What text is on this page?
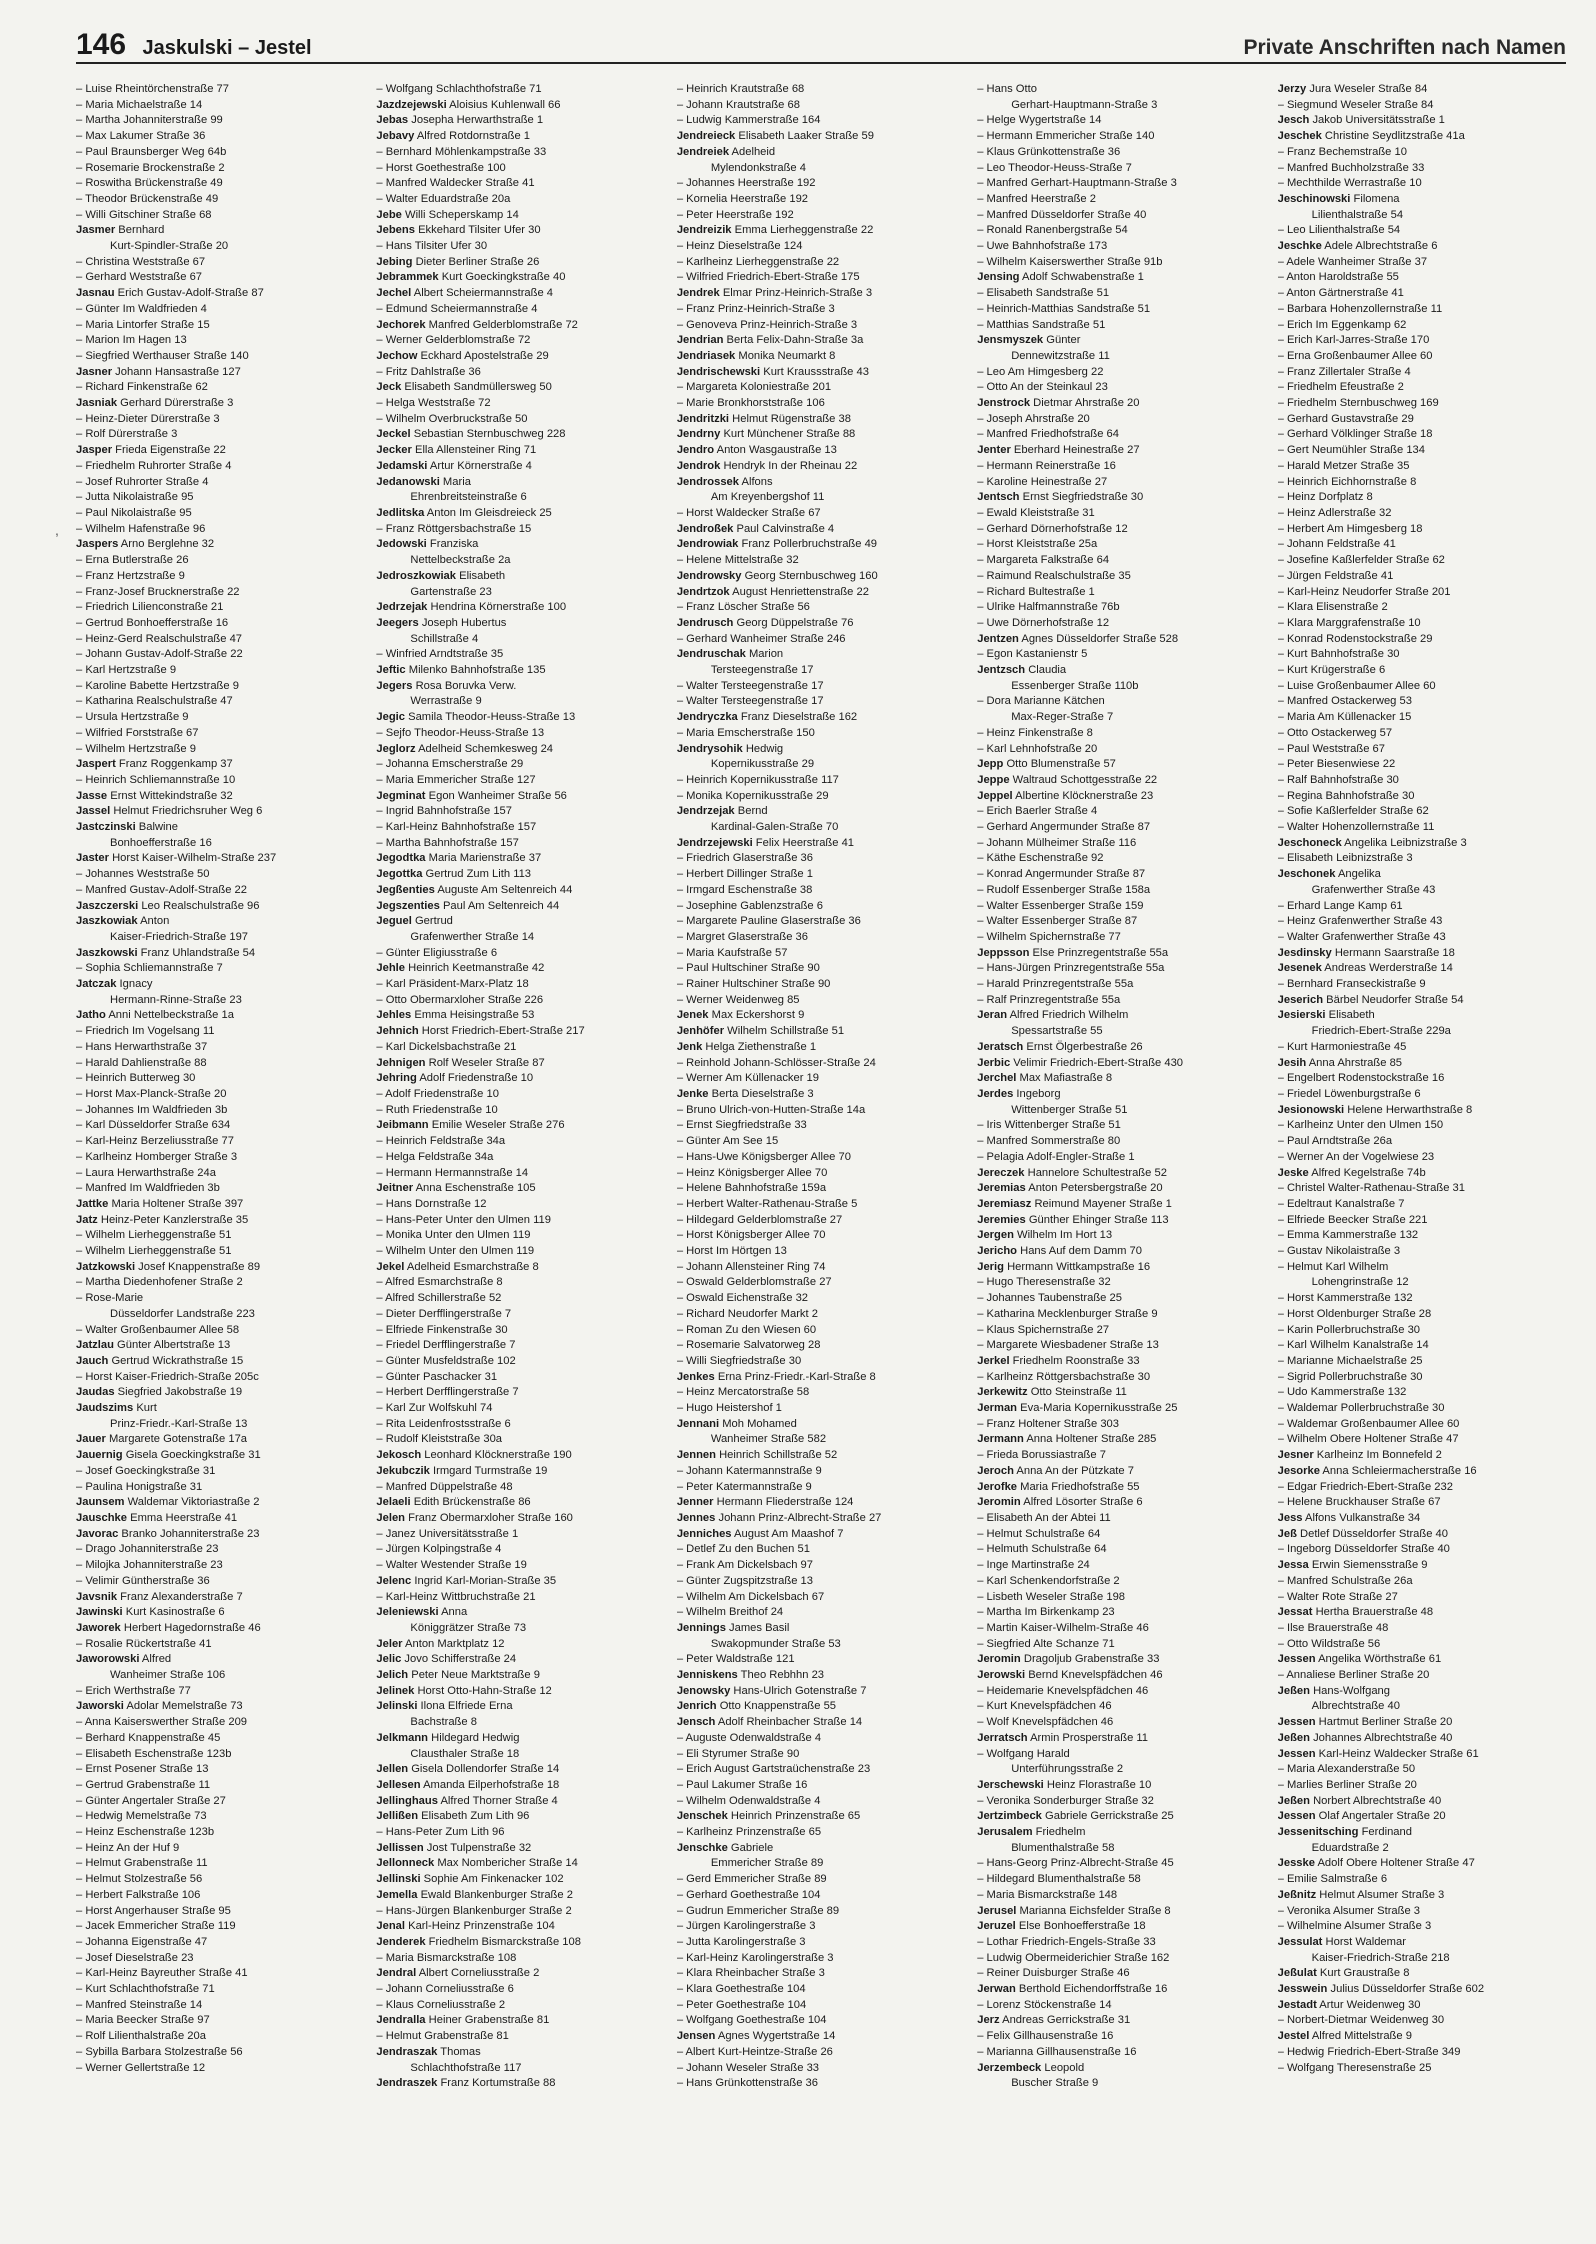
146 Jaskulski – Jestel	Private Anschriften nach Namen
– Luise Rheintörchenstraße 77
– Maria Michaelstraße 14
– Martha Johanniterstraße 99
– Max Lakumer Straße 36
– Paul Braunsberger Weg 64b
– Rosemarie Brockenstraße 2
– Roswitha Brückenstraße 49
– Theodor Brückenstraße 49
– Willi Gitschiner Straße 68
Jasmer Bernhard
Kurt-Spindler-Straße 20
– Christina Weststraße 67
– Gerhard Weststraße 67
Jasnau Erich Gustav-Adolf-Straße 87
– Günter Im Waldfrieden 4
– Maria Lintorfer Straße 15
– Marion Im Hagen 13
– Siegfried Werthauser Straße 140
Jasner Johann Hansastraße 127
– Richard Finkenstraße 62
Jasniak Gerhard Dürerstraße 3
– Heinz-Dieter Dürerstraße 3
– Rolf Dürerstraße 3
Jasper Frieda Eigenstraße 22
– Friedhelm Ruhrorter Straße 4
– Josef Ruhrorter Straße 4
– Jutta Nikolaistraße 95
– Paul Nikolaistraße 95
– Wilhelm Hafenstraße 96
Jaspers Arno Berglehne 32
– Erna Butlerstraße 26
– Franz Hertzstraße 9
– Franz-Josef Brucknerstraße 22
– Friedrich Lilienconstraße 21
– Gertrud Bonhoefferstraße 16
– Heinz-Gerd Realschulstraße 47
– Johann Gustav-Adolf-Straße 22
– Karl Hertzstraße 9
– Karoline Babette Hertzstraße 9
– Katharina Realschulstraße 47
– Ursula Hertzstraße 9
– Wilfried Forststraße 67
– Wilhelm Hertzstraße 9
Jaspert Franz Roggenkamp 37
– Heinrich Schliemannstraße 10
Jasse Ernst Wittekindstraße 32
Jassel Helmut Friedrichsruher Weg 6
Jastczinski Balwine
Bonhoefferstraße 16
Jaster Horst Kaiser-Wilhelm-Straße 237
– Johannes Weststraße 50
– Manfred Gustav-Adolf-Straße 22
Jaszczerski Leo Realschulstraße 96
Jaszkowiak Anton
Kaiser-Friedrich-Straße 197
Jaszkowski Franz Uhlandstraße 54
– Sophia Schliemannstraße 7
Jatczak Ignacy
Hermann-Rinne-Straße 23
Jatho Anni Nettelbeckstraße 1a
– Friedrich Im Vogelsang 11
– Hans Herwarthstraße 37
– Harald Dahlienstraße 88
– Heinrich Butterweg 30
– Horst Max-Planck-Straße 20
– Johannes Im Waldfrieden 3b
– Karl Düsseldorfer Straße 634
– Karl-Heinz Berzeliusstraße 77
– Karlheinz Homberger Straße 3
– Laura Herwarthstraße 24a
– Manfred Im Waldfrieden 3b
Jattke Maria Holtener Straße 397
Jatz Heinz-Peter Kanzlerstraße 35
– Wilhelm Lierheggenstraße 51
– Wilhelm Lierheggenstraße 51
Jatzkowski Josef Knappenstraße 89
– Martha Diedenhofener Straße 2
– Rose-Marie
Düsseldorfer Landstraße 223
– Walter Großenbaumer Allee 58
Jatzlau Günter Albertstraße 13
Jauch Gertrud Wickrathstraße 15
– Horst Kaiser-Friedrich-Straße 205c
Jaudas Siegfried Jakobstraße 19
Jaudszims Kurt
Prinz-Friedr.-Karl-Straße 13
Jauer Margarete Gotenstraße 17a
Jauernig Gisela Goeckingkstraße 31
– Josef Goeckingkstraße 31
– Paulina Honigstraße 31
Jaunsem Waldemar Viktoriastraße 2
Jauschke Emma Heerstraße 41
Javorac Branko Johanniterstraße 23
– Drago Johanniterstraße 23
– Milojka Johanniterstraße 23
– Velimir Güntherstraße 36
Javsnik Franz Alexanderstraße 7
Jawinski Kurt Kasinostraße 6
Jaworek Herbert Hagedornstraße 46
– Rosalie Rückertstraße 41
Jaworowski Alfred
Wanheimer Straße 106
– Erich Werthstraße 77
Jaworski Adolar Memelstraße 73
– Anna Kaiserswerther Straße 209
– Berhard Knappenstraße 45
– Elisabeth Eschenstraße 123b
– Ernst Posener Straße 13
– Gertrud Grabenstraße 11
– Günter Angertaler Straße 27
– Hedwig Memelstraße 73
– Heinz Eschenstraße 123b
– Heinz An der Huf 9
– Helmut Grabenstraße 11
– Helmut Stolzestraße 56
– Herbert Falkstraße 106
– Horst Angerhauser Straße 95
– Jacek Emmericher Straße 119
– Johanna Eigenstraße 47
– Josef Dieselstraße 23
– Karl-Heinz Bayreuther Straße 41
– Kurt Schlachthofstraße 71
– Manfred Steinstraße 14
– Maria Beecker Straße 97
– Rolf Lilienthalstraße 20a
– Sybilla Barbara Stolzestraße 56
– Werner Gellertstraße 12
– Wolfgang Schlachthofstraße 71
Jazdzejewski Aloisius Kuhlenwall 66
Jebas Josepha Herwarthstraße 1
Jebavy Alfred Rotdornstraße 1
– Bernhard Möhlenkampstraße 33
– Horst Goethestraße 100
– Manfred Waldecker Straße 41
– Walter Eduardstraße 20a
Jebe Willi Scheperskamp 14
Jebens Ekkehard Tilsiter Ufer 30
– Hans Tilsiter Ufer 30
Jebing Dieter Berliner Straße 26
Jebrammek Kurt Goeckingkstraße 40
Jechel Albert Scheiermannstraße 4
– Edmund Scheiermannstraße 4
Jechorek Manfred Gelderblomstraße 72
– Werner Gelderblomstraße 72
Jechow Eckhard Apostelstraße 29
– Fritz Dahlstraße 36
Jeck Elisabeth Sandmüllersweg 50
– Helga Weststraße 72
– Wilhelm Overbruckstraße 50
Jeckel Sebastian Sternbuschweg 228
Jecker Ella Allensteiner Ring 71
Jedamski Artur Körnerstraße 4
Jedanowski Maria
Ehrenbreitsteinstraße 6
Jedlitska Anton Im Gleisdreieck 25
– Franz Röttgersbachstraße 15
Jedowski Franziska
Nettelbeckstraße 2a
Jedroszkowiak Elisabeth
Gartenstraße 23
Jedrzejak Hendrina Körnerstraße 100
Jeegers Joseph Hubertus
Schillstraße 4
– Winfried Arndtstraße 35
Jeftic Milenko Bahnhofstraße 135
Jegers Rosa Boruvka Verw.
Werrastraße 9
Jegic Samila Theodor-Heuss-Straße 13
– Sejfo Theodor-Heuss-Straße 13
Jeglorz Adelheid Schemkesweg 24
– Johanna Emscherstraße 29
– Maria Emmericher Straße 127
Jegminat Egon Wanheimer Straße 56
– Ingrid Bahnhofstraße 157
– Karl-Heinz Bahnhofstraße 157
– Martha Bahnhofstraße 157
Jegodtka Maria Marienstraße 37
Jegottka Gertrud Zum Lith 113
Jegßenties Auguste Am Seltenreich 44
Jegszenties Paul Am Seltenreich 44
Jeguel Gertrud
Grafenwerther Straße 14
– Günter Eligiusstraße 6
Jehle Heinrich Keetmanstraße 42
– Karl Präsident-Marx-Platz 18
– Otto Obermarxloher Straße 226
Jehles Emma Heisingstraße 53
Jehnich Horst Friedrich-Ebert-Straße 217
– Karl Dickelsbachstraße 21
Jehnigen Rolf Weseler Straße 87
Jehring Adolf Friedenstraße 10
– Adolf Friedenstraße 10
– Ruth Friedenstraße 10
Jeibmann Emilie Weseler Straße 276
– Heinrich Feldstraße 34a
– Helga Feldstraße 34a
– Hermann Hermannstraße 14
Jeitner Anna Eschenstraße 105
– Hans Dornstraße 12
– Hans-Peter Unter den Ulmen 119
– Monika Unter den Ulmen 119
– Wilhelm Unter den Ulmen 119
Jekel Adelheid Esmarchstraße 8
– Alfred Esmarchstraße 8
– Alfred Schillerstraße 52
– Dieter Derfflingerstraße 7
– Elfriede Finkenstraße 30
– Friedel Derfflingerstraße 7
– Günter Musfeldstraße 102
– Günter Paschacker 31
– Herbert Derfflingerstraße 7
– Karl Zur Wolfskuhl 74
– Rita Leidenfrostsstraße 6
– Rudolf Kleiststraße 30a
Jekosch Leonhard Klöcknerstraße 190
Jekubczik Irmgard Turmstraße 19
– Manfred Düppelstraße 48
Jelaeli Edith Brückenstraße 86
Jelen Franz Obermarxloher Straße 160
– Janez Universitätsstraße 1
– Jürgen Kolpingstraße 4
– Walter Westender Straße 19
Jelenc Ingrid Karl-Morian-Straße 35
– Karl-Heinz Wittbruchstraße 21
Jeleniewski Anna
Königgrätzer Straße 73
Jeler Anton Marktplatz 12
Jelic Jovo Schifferstraße 24
Jelich Peter Neue Marktstraße 9
Jelinek Horst Otto-Hahn-Straße 12
Jelinski Ilona Elfriede Erna
Bachstraße 8
Jelkmann Hildegard Hedwig
Clausthaler Straße 18
Jellen Gisela Dollendorfer Straße 14
Jellesen Amanda Eilperhofstraße 18
Jellinghaus Alfred Thorner Straße 4
Jellißen Elisabeth Zum Lith 96
– Hans-Peter Zum Lith 96
Jellissen Jost Tulpenstraße 32
Jellonneck Max Nombericher Straße 14
Jellinski Sophie Am Finkenacker 102
Jemella Ewald Blankenburger Straße 2
– Hans-Jürgen Blankenburger Straße 2
Jenal Karl-Heinz Prinzenstraße 104
Jenderek Friedhelm Bismarckstraße 108
– Maria Bismarckstraße 108
Jendral Albert Corneliusstraße 2
– Johann Corneliusstraße 6
– Klaus Corneliusstraße 2
Jendralla Heiner Grabenstraße 81
– Helmut Grabenstraße 81
Jendraszak Thomas
Schlachthofstraße 117
Jendraszek Franz Kortumstraße 88
– Heinrich Krautstraße 68
– Johann Krautstraße 68
– Ludwig Kammerstraße 164
Jendreieck Elisabeth Laaker Straße 59
Jendreiek Adelheid
Mylendonkstraße 4
– Johannes Heerstraße 192
– Kornelia Heerstraße 192
– Peter Heerstraße 192
Jendreizik Emma Lierheggenstraße 22
– Heinz Dieselstraße 124
– Karlheinz Lierheggenstraße 22
– Wilfried Friedrich-Ebert-Straße 175
Jendrek Elmar Prinz-Heinrich-Straße 3
– Franz Prinz-Heinrich-Straße 3
– Genoveva Prinz-Heinrich-Straße 3
Jendrian Berta Felix-Dahn-Straße 3a
Jendriasek Monika Neumarkt 8
Jendrischewski Kurt Kraussstraße 43
– Margareta Koloniestraße 201
– Marie Bronkhorststraße 106
Jendritzki Helmut Rügenstraße 38
Jendrny Kurt Münchener Straße 88
Jendro Anton Wasgaustraße 13
Jendrok Hendryk In der Rheinau 22
Jendrossek Alfons
Am Kreyenbergshof 11
– Horst Waldecker Straße 67
Jendroßek Paul Calvinstraße 4
Jendrowiak Franz Pollerbruchstraße 49
– Helene Mittelstraße 32
Jendrowsky Georg Sternbuschweg 160
Jendrtzok August Henriettenstraße 22
– Franz Löscher Straße 56
Jendrusch Georg Düppelstraße 76
– Gerhard Wanheimer Straße 246
Jendruschak Marion
Tersteegenstraße 17
– Walter Tersteegenstraße 17
– Walter Tersteegenstraße 17
Jendryczka Franz Dieselstraße 162
– Maria Emscherstraße 150
Jendrysohik Hedwig
Kopernikusstraße 29
– Heinrich Kopernikusstraße 117
– Monika Kopernikusstraße 29
Jendrzejak Bernd
Kardinal-Galen-Straße 70
Jendrzejewski Felix Heerstraße 41
– Friedrich Glaserstraße 36
– Herbert Dillinger Straße 1
– Irmgard Eschenstraße 38
– Josephine Gablenzstraße 6
– Margarete Pauline Glaserstraße 36
– Margret Glaserstraße 36
– Maria Kaufstraße 57
– Paul Hultschiner Straße 90
– Rainer Hultschiner Straße 90
– Werner Weidenweg 85
Jenek Max Eckershorst 9
Jenhöfer Wilhelm Schillstraße 51
Jenk Helga Ziethenstraße 1
– Reinhold Johann-Schlösser-Straße 24
– Werner Am Küllenacker 19
Jenke Berta Dieselstraße 3
– Bruno Ulrich-von-Hutten-Straße 14a
– Ernst Siegfriedstraße 33
– Günter Am See 15
– Hans-Uwe Königsberger Allee 70
– Heinz Königsberger Allee 70
– Helene Bahnhofstraße 159a
– Herbert Walter-Rathenau-Straße 5
– Hildegard Gelderblomstraße 27
– Horst Königsberger Allee 70
– Horst Im Hörtgen 13
– Johann Allensteiner Ring 74
– Oswald Gelderblomstraße 27
– Oswald Eichenstraße 32
– Richard Neudorfer Markt 2
– Roman Zu den Wiesen 60
– Rosemarie Salvatorweg 28
– Willi Siegfriedstraße 30
Jenkes Erna Prinz-Friedr.-Karl-Straße 8
– Heinz Mercatorstraße 58
– Hugo Heistershof 1
Jennani Moh Mohamed
Wanheimer Straße 582
Jennen Heinrich Schillstraße 52
– Johann Katermannstraße 9
– Peter Katermannstraße 9
Jenner Hermann Fliederstraße 124
Jennes Johann Prinz-Albrecht-Straße 27
Jenniches August Am Maashof 7
– Detlef Zu den Buchen 51
– Frank Am Dickelsbach 97
– Günter Zugspitzstraße 13
– Wilhelm Am Dickelsbach 67
– Wilhelm Breithof 24
Jennings James Basil
Swakopmunder Straße 53
– Peter Waldstraße 121
Jenniskens Theo Rebhhn 23
Jenowsky Hans-Ulrich Gotenstraße 7
Jenrich Otto Knappenstraße 55
Jensch Adolf Rheinbacher Straße 14
– Auguste Odenwaldstraße 4
– Eli Styrumer Straße 90
– Erich August Gartstraüchenstraße 23
– Paul Lakumer Straße 16
– Wilhelm Odenwaldstraße 4
Jenschek Heinrich Prinzenstraße 65
– Karlheinz Prinzenstraße 65
Jenschke Gabriele
Emmericher Straße 89
– Gerd Emmericher Straße 89
– Gerhard Goethestraße 104
– Gudrun Emmericher Straße 89
– Jürgen Karolingerstraße 3
– Jutta Karolingerstraße 3
– Karl-Heinz Karolingerstraße 3
– Klara Rheinbacher Straße 3
– Klara Goethestraße 104
– Peter Goethestraße 104
– Wolfgang Goethestraße 104
Jensen Agnes Wygertstraße 14
– Albert Kurt-Heintze-Straße 26
– Johann Weseler Straße 33
– Hans Grünkottenstraße 36
– Hans Otto
Gerhart-Hauptmann-Straße 3
– Helge Wygertstraße 14
– Hermann Emmericher Straße 140
– Klaus Grünkottenstraße 36
– Leo Theodor-Heuss-Straße 7
– Manfred Gerhart-Hauptmann-Straße 3
– Manfred Heerstraße 2
– Manfred Düsseldorfer Straße 40
– Ronald Ranenbergstraße 54
– Uwe Bahnhofstraße 173
– Wilhelm Kaiserswerther Straße 91b
Jensing Adolf Schwabenstraße 1
– Elisabeth Sandstraße 51
– Heinrich-Matthias Sandstraße 51
– Matthias Sandstraße 51
Jensmyszek Günter
Dennewitzstraße 11
– Leo Am Himgesberg 22
– Otto An der Steinkaul 23
Jenstrock Dietmar Ahrstraße 20
– Joseph Ahrstraße 20
– Manfred Friedhofstraße 64
Jenter Eberhard Heinestraße 27
– Hermann Reinerstraße 16
– Karoline Heinestraße 27
Jentsch Ernst Siegfriedstraße 30
– Ewald Kleiststraße 31
– Gerhard Dörnerhofstraße 12
– Horst Kleiststraße 25a
– Margareta Falkstraße 64
– Raimund Realschulstraße 35
– Richard Bultestraße 1
– Ulrike Halfmannstraße 76b
– Uwe Dörnerhofstraße 12
Jentzen Agnes Düsseldorfer Straße 528
– Egon Kastanienstr 5
Jentzsch Claudia
Essenberger Straße 110b
– Dora Marianne Kätchen
Max-Reger-Straße 7
– Heinz Finkenstraße 8
– Karl Lehnhofstraße 20
Jepp Otto Blumenstraße 57
Jeppe Waltraud Schottgesstraße 22
Jeppel Albertine Klöcknerstraße 23
– Erich Baerler Straße 4
– Gerhard Angermunder Straße 87
– Johann Mülheimer Straße 116
– Käthe Eschenstraße 92
– Konrad Angermunder Straße 87
– Rudolf Essenberger Straße 158a
– Walter Essenberger Straße 159
– Walter Essenberger Straße 87
– Wilhelm Spichernstraße 77
Jeppsson Else Prinzregentstraße 55a
– Hans-Jürgen Prinzregentstraße 55a
– Harald Prinzregentstraße 55a
– Ralf Prinzregentstraße 55a
Jeran Alfred Friedrich Wilhelm
Spessartstraße 55
Jeratsch Ernst Ölgerbestraße 26
Jerbic Velimir Friedrich-Ebert-Straße 430
Jerchel Max Mafiastraße 8
Jerdes Ingeborg
Wittenberger Straße 51
– Iris Wittenberger Straße 51
– Manfred Sommerstraße 80
– Pelagia Adolf-Engler-Straße 1
Jereczek Hannelore Schultestraße 52
Jeremias Anton Petersbergstraße 20
Jeremiasz Reimund Mayener Straße 1
Jeremies Günther Ehinger Straße 113
Jergen Wilhelm Im Hort 13
Jericho Hans Auf dem Damm 70
Jerig Hermann Wittkampstraße 16
– Hugo Theresenstraße 32
– Johannes Taubenstraße 25
– Katharina Mecklenburger Straße 9
– Klaus Spichernstraße 27
– Margarete Wiesbadener Straße 13
Jerkel Friedhelm Roonstraße 33
– Karlheinz Röttgersbachstraße 30
Jerkewitz Otto Steinstraße 11
Jerman Eva-Maria Kopernikusstraße 25
– Franz Holtener Straße 303
Jermann Anna Holtener Straße 285
– Frieda Borussiastraße 7
Jeroch Anna An der Pützkate 7
Jerofke Maria Friedhofstraße 55
Jeromin Alfred Lösorter Straße 6
– Elisabeth An der Abtei 11
– Helmut Schulstraße 64
– Helmuth Schulstraße 64
– Inge Martinstraße 24
– Karl Schenkendorfstraße 2
– Lisbeth Weseler Straße 198
– Martha Im Birkenkamp 23
– Martin Kaiser-Wilhelm-Straße 46
– Siegfried Alte Schanze 71
Jeromin Dragoljub Grabenstraße 33
Jerowski Bernd Knevelspfädchen 46
– Heidemarie Knevelspfädchen 46
– Kurt Knevelspfädchen 46
– Wolf Knevelspfädchen 46
Jerratsch Armin Prosperstraße 11
– Wolfgang Harald
Unterführungsstraße 2
Jerschewski Heinz Florastraße 10
– Veronika Sonderburger Straße 32
Jertzimbeck Gabriele Gerrickstraße 25
Jerusalem Friedhelm
Blumenthalstraße 58
– Hans-Georg Prinz-Albrecht-Straße 45
– Hildegard Blumenthalstraße 58
– Maria Bismarckstraße 148
Jerusel Marianna Eichsfelder Straße 8
Jeruzel Else Bonhoefferstraße 18
– Lothar Friedrich-Engels-Straße 33
– Ludwig Obermeiderichier Straße 162
– Reiner Duisburger Straße 46
Jerwan Berthold Eichendorffstraße 16
– Lorenz Stöckenstraße 14
Jerz Andreas Gerrickstraße 31
– Felix Gillhausenstraße 16
– Marianna Gillhausenstraße 16
Jerzembeck Leopold
Buscher Straße 9
Jerzy Jura Weseler Straße 84
– Siegmund Weseler Straße 84
Jesch Jakob Universitätsstraße 1
Jeschek Christine Seydlitzstraße 41a
– Franz Bechemstraße 10
– Manfred Buchholzstraße 33
– Mechthilde Werrastraße 10
Jeschinowski Filomena
Lilienthalstraße 54
– Leo Lilienthalstraße 54
Jeschke Adele Albrechtstraße 6
– Adele Wanheimer Straße 37
– Anton Haroldstraße 55
– Anton Gärtnerstraße 41
– Barbara Hohenzollernstraße 11
– Erich Im Eggenkamp 62
– Erich Karl-Jarres-Straße 170
– Erna Großenbaumer Allee 60
– Franz Zillertaler Straße 4
– Friedhelm Efeustraße 2
– Friedhelm Sternbuschweg 169
– Gerhard Gustavstraße 29
– Gerhard Völklinger Straße 18
– Gert Neumühler Straße 134
– Harald Metzer Straße 35
– Heinrich Eichhornstraße 8
– Heinz Dorfplatz 8
– Heinz Adlerstraße 32
– Herbert Am Himgesberg 18
– Johann Feldstraße 41
– Josefine Kaßlerfelder Straße 62
– Jürgen Feldstraße 41
– Karl-Heinz Neudorfer Straße 201
– Klara Elisenstraße 2
– Klara Marggrafenstraße 10
– Konrad Rodenstockstraße 29
– Kurt Bahnhofstraße 30
– Kurt Krügerstraße 6
– Luise Großenbaumer Allee 60
– Manfred Ostackerweg 53
– Maria Am Küllenacker 15
– Otto Ostackerweg 57
– Paul Weststraße 67
– Peter Biesenwiese 22
– Ralf Bahnhofstraße 30
– Regina Bahnhofstraße 30
– Sofie Kaßlerfelder Straße 62
– Walter Hohenzollernstraße 11
Jeschoneck Angelika Leibnizstraße 3
– Elisabeth Leibnizstraße 3
Jeschonek Angelika
Grafenwerther Straße 43
– Erhard Lange Kamp 61
– Heinz Grafenwerther Straße 43
– Walter Grafenwerther Straße 43
Jesdinsky Hermann Saarstraße 18
Jesenek Andreas Werderstraße 14
– Bernhard Franseckistraße 9
Jeserich Bärbel Neudorfer Straße 54
Jesierski Elisabeth
Friedrich-Ebert-Straße 229a
– Kurt Harmoniestraße 45
Jesih Anna Ahrstraße 85
– Engelbert Rodenstockstraße 16
– Friedel Löwenburgstraße 6
Jesionowski Helene Herwarthstraße 8
– Karlheinz Unter den Ulmen 150
– Paul Arndtstraße 26a
– Werner An der Vogelwiese 23
Jeske Alfred Kegelstraße 74b
– Christel Walter-Rathenau-Straße 31
– Edeltraut Kanalstraße 7
– Elfriede Beecker Straße 221
– Emma Kammerstraße 132
– Gustav Nikolaistraße 3
– Helmut Karl Wilhelm
Lohengrinstraße 12
– Horst Kammerstraße 132
– Horst Oldenburger Straße 28
– Karin Pollerbruchstraße 30
– Karl Wilhelm Kanalstraße 14
– Marianne Michaelstraße 25
– Sigrid Pollerbruchstraße 30
– Udo Kammerstraße 132
– Waldemar Pollerbruchstraße 30
– Waldemar Großenbaumer Allee 60
– Wilhelm Obere Holtener Straße 47
Jesner Karlheinz Im Bonnefeld 2
Jesorke Anna Schleiermacherstraße 16
– Edgar Friedrich-Ebert-Straße 232
– Helene Bruckhauser Straße 67
Jess Alfons Vulkanstraße 34
Jeß Detlef Düsseldorfer Straße 40
– Ingeborg Düsseldorfer Straße 40
Jessa Erwin Siemensstraße 9
– Manfred Schulstraße 26a
– Walter Rote Straße 27
Jessat Hertha Brauerstraße 48
– Ilse Brauerstraße 48
– Otto Wildstraße 56
Jessen Angelika Wörthstraße 61
– Annaliese Berliner Straße 20
Jeßen Hans-Wolfgang
Albrechtstraße 40
Jessen Hartmut Berliner Straße 20
Jeßen Johannes Albrechtstraße 40
Jessen Karl-Heinz Waldecker Straße 61
– Maria Alexanderstraße 50
– Marlies Berliner Straße 20
Jeßen Norbert Albrechtstraße 40
Jessen Olaf Angertaler Straße 20
Jessenitsching Ferdinand
Eduardstraße 2
Jesske Adolf Obere Holtener Straße 47
– Emilie Salmstraße 6
Jeßnitz Helmut Alsumer Straße 3
– Veronika Alsumer Straße 3
– Wilhelmine Alsumer Straße 3
Jessulat Horst Waldemar
Kaiser-Friedrich-Straße 218
Jeßulat Kurt Graustraße 8
Jesswein Julius Düsseldorfer Straße 602
Jestadt Artur Weidenweg 30
– Norbert-Dietmar Weidenweg 30
Jestel Alfred Mittelstraße 9
– Hedwig Friedrich-Ebert-Straße 349
– Wolfgang Theresenstraße 25
,
